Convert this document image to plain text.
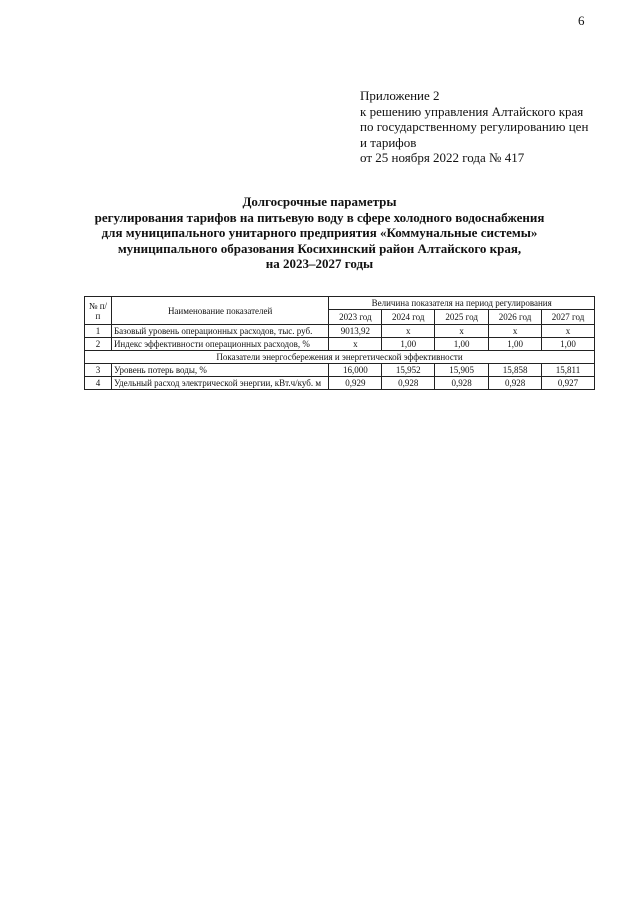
6
Приложение 2
к решению управления Алтайского края
по государственному регулированию цен
и тарифов
от 25 ноября 2022 года № 417
Долгосрочные параметры
регулирования тарифов на питьевую воду в сфере холодного водоснабжения
для муниципального унитарного предприятия «Коммунальные системы»
муниципального образования Косихинский район Алтайского края,
на 2023–2027 годы
№ п/п	Наименование показателей	Величина показателя на период регулирования				
		2023 год	2024 год	2025 год	2026 год	2027 год
1	Базовый уровень операционных расходов, тыс. руб.	9013,92	х	х	х	х
2	Индекс эффективности операционных расходов, %	х	1,00	1,00	1,00	1,00
Показатели энергосбережения и энергетической эффективности						
3	Уровень потерь воды, %	16,000	15,952	15,905	15,858	15,811
4	Удельный расход электрической энергии, кВт.ч/куб. м	0,929	0,928	0,928	0,928	0,927
